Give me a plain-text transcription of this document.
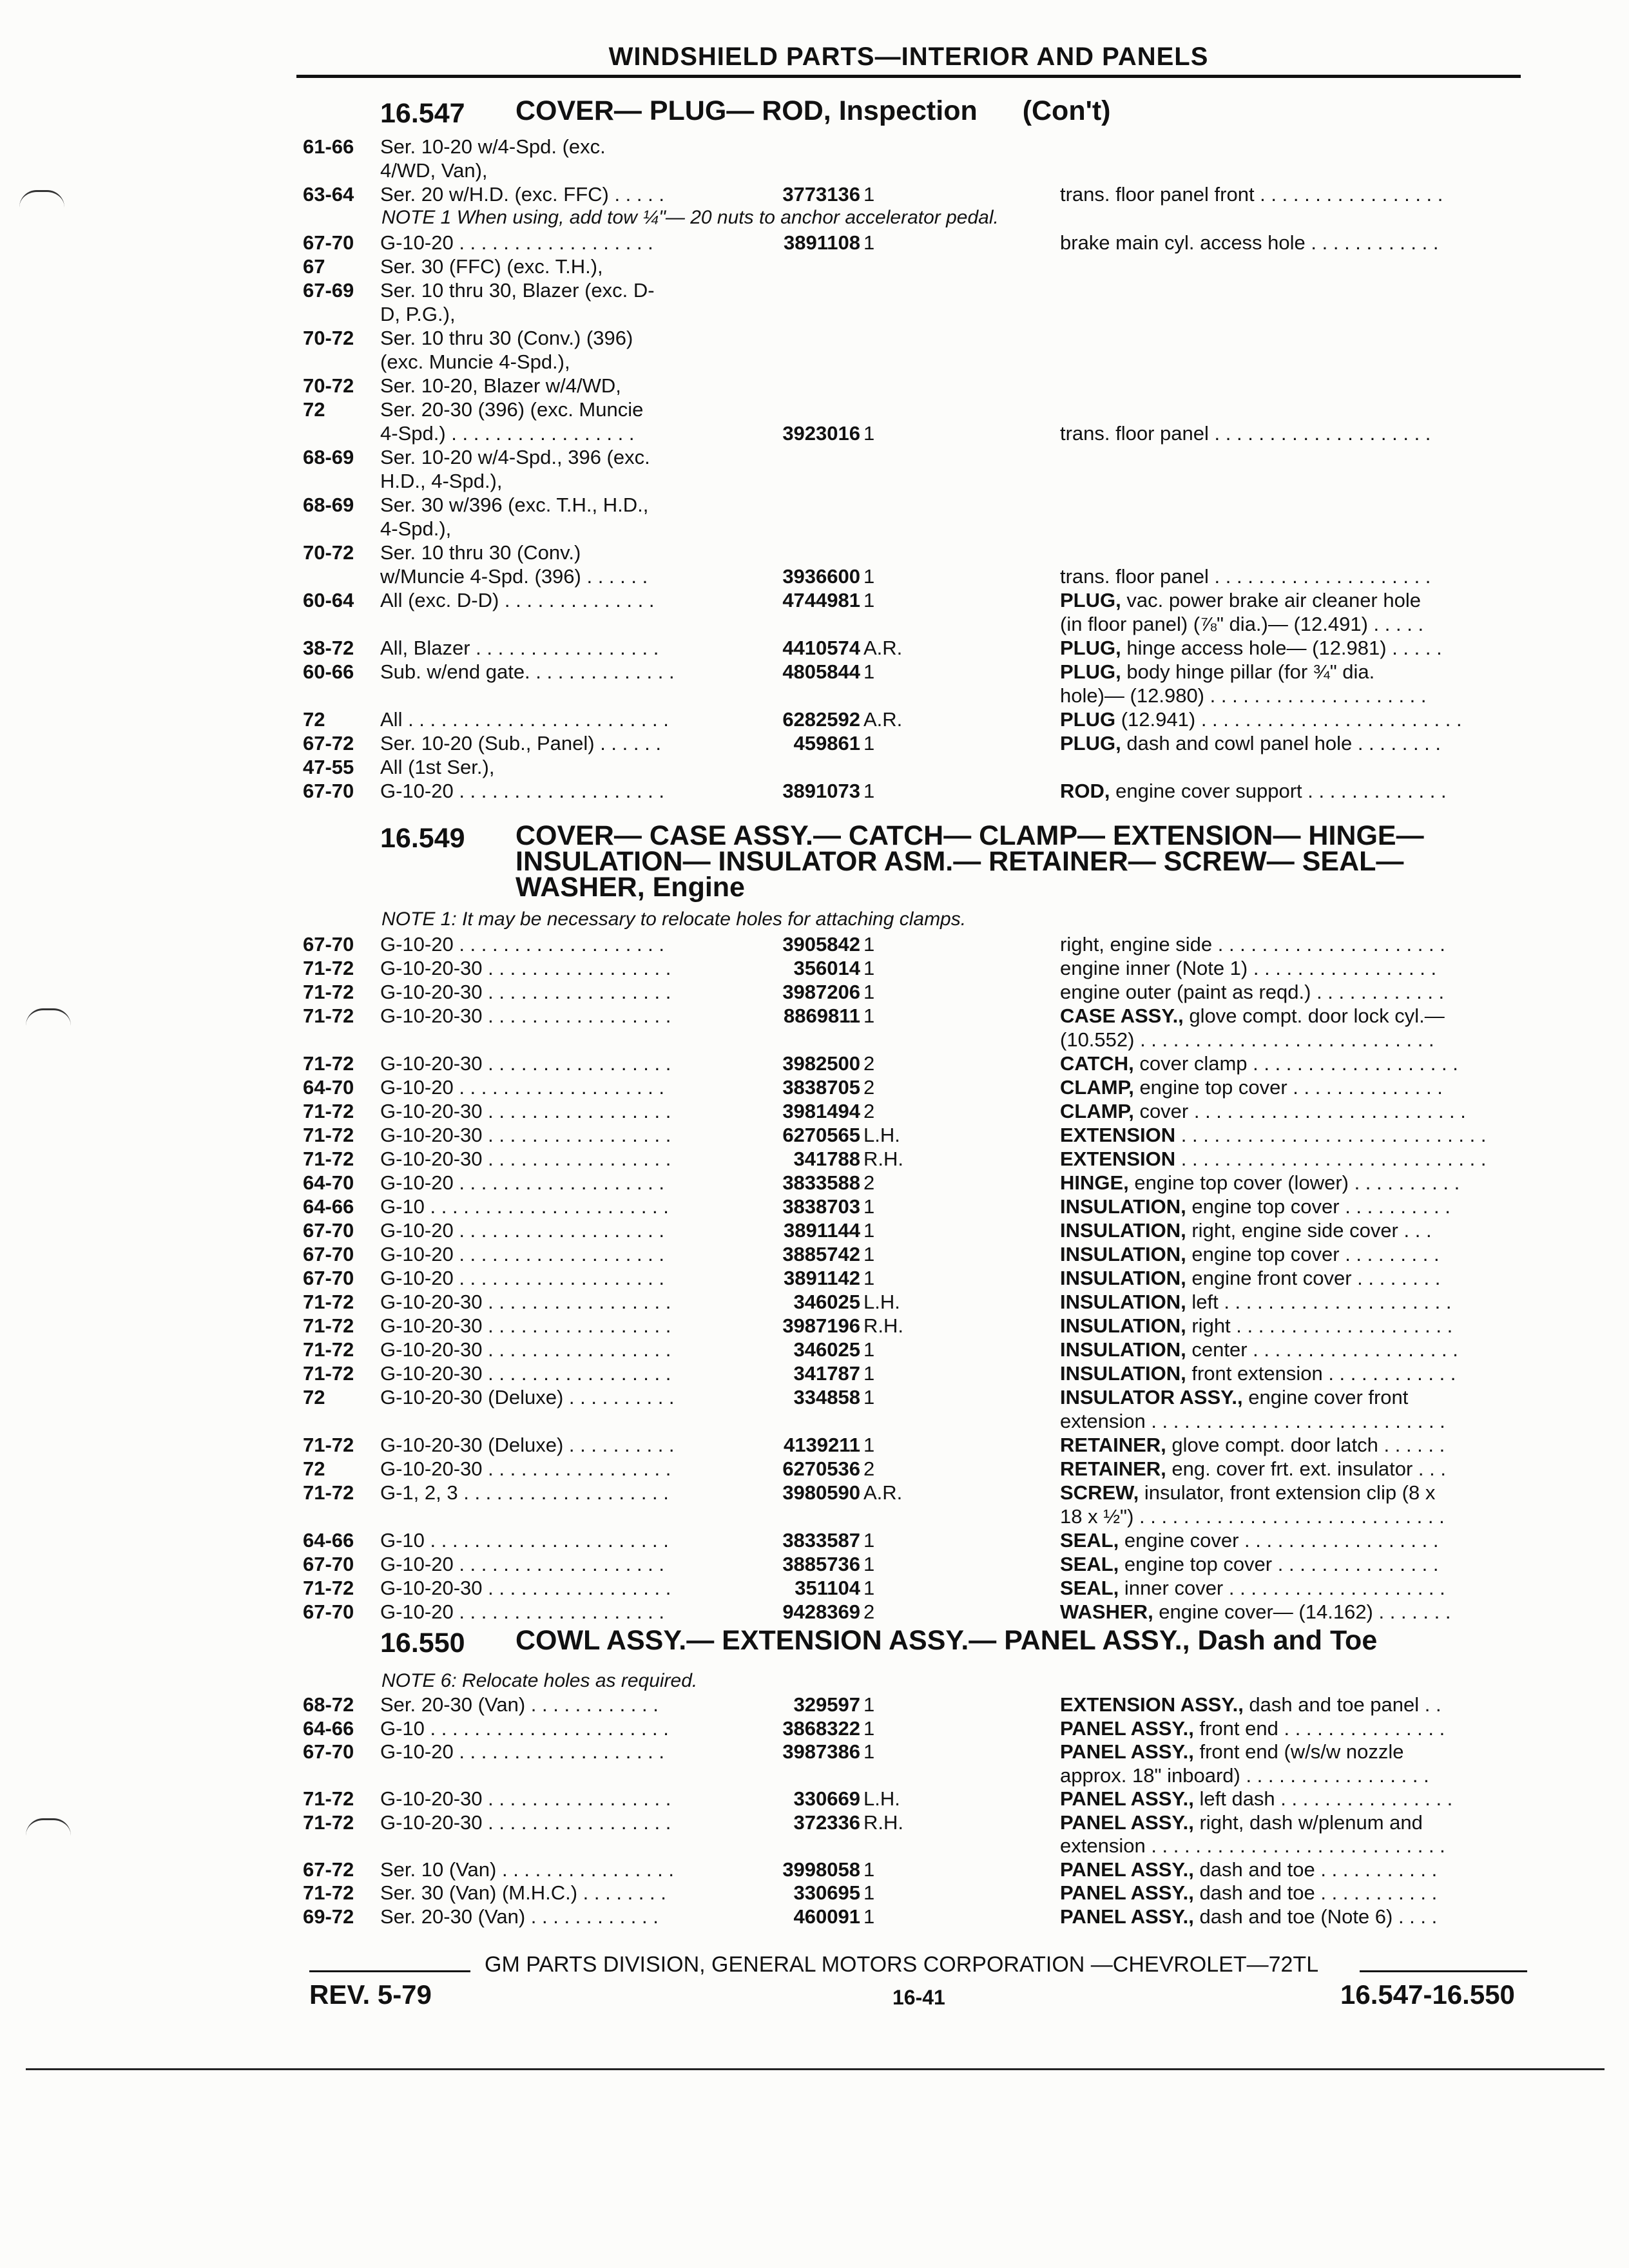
WINDSHIELD PARTS—INTERIOR AND PANELS
16.547 COVER— PLUG— ROD, Inspection (Con't)
61-66 Ser. 10-20 w/4-Spd. (exc.
4/WD, Van),
63-64 Ser. 20 w/H.D. (exc. FFC) . . . . .	3773136 1	trans. floor panel front . . . . . . . . . . . . . . . . .
67-70 G-10-20 . . . . . . . . . . . . . . . . . .	3891108 1	brake main cyl. access hole . . . . . . . . . . . .
67	Ser. 30 (FFC) (exc. T.H.),
67-69 Ser. 10 thru 30, Blazer (exc. D-
D, P.G.),
70-72 Ser. 10 thru 30 (Conv.) (396)
(exc. Muncie 4-Spd.),
70-72 Ser. 10-20, Blazer w/4/WD,
72	Ser. 20-30 (396) (exc. Muncie
4-Spd.) . . . . . . . . . . . . . . . . .	3923016 1	trans. floor panel . . . . . . . . . . . . . . . . . . . .
68-69 Ser. 10-20 w/4-Spd., 396 (exc.
H.D., 4-Spd.),
68-69 Ser. 30 w/396 (exc. T.H., H.D.,
4-Spd.),
70-72 Ser. 10 thru 30 (Conv.)
w/Muncie 4-Spd. (396) . . . . . .	3936600 1	trans. floor panel . . . . . . . . . . . . . . . . . . . .
60-64 All (exc. D-D) . . . . . . . . . . . . . .	4744981 1	PLUG, vac. power brake air cleaner hole
(in floor panel) (⅞" dia.)— (12.491) . . . . .
38-72 All, Blazer . . . . . . . . . . . . . . . . .	4410574 A.R.	PLUG, hinge access hole— (12.981) . . . . .
60-66 Sub. w/end gate. . . . . . . . . . . . . .	4805844 1	PLUG, body hinge pillar (for ¾" dia.
hole)— (12.980) . . . . . . . . . . . . . . . . . . . .
72	All . . . . . . . . . . . . . . . . . . . . . . . .	6282592 A.R.	PLUG (12.941) . . . . . . . . . . . . . . . . . . . . . . . .
67-72 Ser. 10-20 (Sub., Panel) . . . . . .	459861 1	PLUG, dash and cowl panel hole . . . . . . . .
47-55 All (1st Ser.),
67-70 G-10-20 . . . . . . . . . . . . . . . . . . .	3891073 1	ROD, engine cover support . . . . . . . . . . . . .
NOTE 1 When using, add tow ¼"— 20 nuts to anchor accelerator pedal.
16.549 COVER— CASE ASSY.— CATCH— CLAMP— EXTENSION— HINGE— INSULATION— INSULATOR ASM.— RETAINER— SCREW— SEAL— WASHER, Engine
NOTE 1: It may be necessary to relocate holes for attaching clamps.
67-70 G-10-20 . . . . . . . . . . . . . . . . . . .	3905842 1	right, engine side . . . . . . . . . . . . . . . . . . . . .
71-72 G-10-20-30 . . . . . . . . . . . . . . . . .	356014 1	engine inner (Note 1) . . . . . . . . . . . . . . . . .
71-72 G-10-20-30 . . . . . . . . . . . . . . . . .	3987206 1	engine outer (paint as reqd.) . . . . . . . . . . . .
71-72 G-10-20-30 . . . . . . . . . . . . . . . . .	8869811 1	CASE ASSY., glove compt. door lock cyl.—
(10.552) . . . . . . . . . . . . . . . . . . . . . . . . . . .
71-72 G-10-20-30 . . . . . . . . . . . . . . . . .	3982500 2	CATCH, cover clamp . . . . . . . . . . . . . . . . . . .
64-70 G-10-20 . . . . . . . . . . . . . . . . . . .	3838705 2	CLAMP, engine top cover . . . . . . . . . . . . . .
71-72 G-10-20-30 . . . . . . . . . . . . . . . . .	3981494 2	CLAMP, cover . . . . . . . . . . . . . . . . . . . . . . . . .
71-72 G-10-20-30 . . . . . . . . . . . . . . . . .	6270565 L.H.	EXTENSION . . . . . . . . . . . . . . . . . . . . . . . . . . . .
71-72 G-10-20-30 . . . . . . . . . . . . . . . . .	341788 R.H.	EXTENSION . . . . . . . . . . . . . . . . . . . . . . . . . . . .
64-70 G-10-20 . . . . . . . . . . . . . . . . . . .	3833588 2	HINGE, engine top cover (lower) . . . . . . . . . .
64-66 G-10 . . . . . . . . . . . . . . . . . . . . . .	3838703 1	INSULATION, engine top cover . . . . . . . . . .
67-70 G-10-20 . . . . . . . . . . . . . . . . . . .	3891144 1	INSULATION, right, engine side cover . . .
67-70 G-10-20 . . . . . . . . . . . . . . . . . . .	3885742 1	INSULATION, engine top cover . . . . . . . . .
67-70 G-10-20 . . . . . . . . . . . . . . . . . . .	3891142 1	INSULATION, engine front cover . . . . . . . .
71-72 G-10-20-30 . . . . . . . . . . . . . . . . .	346025 L.H.	INSULATION, left . . . . . . . . . . . . . . . . . . . . .
71-72 G-10-20-30 . . . . . . . . . . . . . . . . .	3987196 R.H.	INSULATION, right . . . . . . . . . . . . . . . . . . . .
71-72 G-10-20-30 . . . . . . . . . . . . . . . . .	346025 1	INSULATION, center . . . . . . . . . . . . . . . . . . .
71-72 G-10-20-30 . . . . . . . . . . . . . . . . .	341787 1	INSULATION, front extension . . . . . . . . . . . .
72	G-10-20-30 (Deluxe) . . . . . . . . . .	334858 1	INSULATOR ASSY., engine cover front
extension . . . . . . . . . . . . . . . . . . . . . . . . . . .
71-72 G-10-20-30 (Deluxe) . . . . . . . . . .	4139211 1	RETAINER, glove compt. door latch . . . . . .
72	G-10-20-30 . . . . . . . . . . . . . . . . .	6270536 2	RETAINER, eng. cover frt. ext. insulator . . .
71-72 G-1, 2, 3 . . . . . . . . . . . . . . . . . . .	3980590 A.R.	SCREW, insulator, front extension clip (8 x
18 x ½") . . . . . . . . . . . . . . . . . . . . . . . . . . . .
64-66 G-10 . . . . . . . . . . . . . . . . . . . . . .	3833587 1	SEAL, engine cover . . . . . . . . . . . . . . . . . .
67-70 G-10-20 . . . . . . . . . . . . . . . . . . .	3885736 1	SEAL, engine top cover . . . . . . . . . . . . . . .
71-72 G-10-20-30 . . . . . . . . . . . . . . . . .	351104 1	SEAL, inner cover . . . . . . . . . . . . . . . . . . . .
67-70 G-10-20 . . . . . . . . . . . . . . . . . . .	9428369 2	WASHER, engine cover— (14.162) . . . . . . .
16.550 COWL ASSY.— EXTENSION ASSY.— PANEL ASSY., Dash and Toe
NOTE 6: Relocate holes as required.
68-72 Ser. 20-30 (Van) . . . . . . . . . . . .	329597 1	EXTENSION ASSY., dash and toe panel . .
64-66 G-10 . . . . . . . . . . . . . . . . . . . . . .	3868322 1	PANEL ASSY., front end . . . . . . . . . . . . . . .
67-70 G-10-20 . . . . . . . . . . . . . . . . . . .	3987386 1	PANEL ASSY., front end (w/s/w nozzle
approx. 18" inboard) . . . . . . . . . . . . . . . . .
71-72 G-10-20-30 . . . . . . . . . . . . . . . . .	330669 L.H.	PANEL ASSY., left dash . . . . . . . . . . . . . . . .
71-72 G-10-20-30 . . . . . . . . . . . . . . . . .	372336 R.H.	PANEL ASSY., right, dash w/plenum and
extension . . . . . . . . . . . . . . . . . . . . . . . . . . .
67-72 Ser. 10 (Van) . . . . . . . . . . . . . . . .	3998058 1	PANEL ASSY., dash and toe . . . . . . . . . . .
71-72 Ser. 30 (Van) (M.H.C.) . . . . . . . .	330695 1	PANEL ASSY., dash and toe . . . . . . . . . . .
69-72 Ser. 20-30 (Van) . . . . . . . . . . . .	460091 1	PANEL ASSY., dash and toe (Note 6) . . . .
GM PARTS DIVISION, GENERAL MOTORS CORPORATION —CHEVROLET—72TL
REV. 5-79	16-41	16.547-16.550
